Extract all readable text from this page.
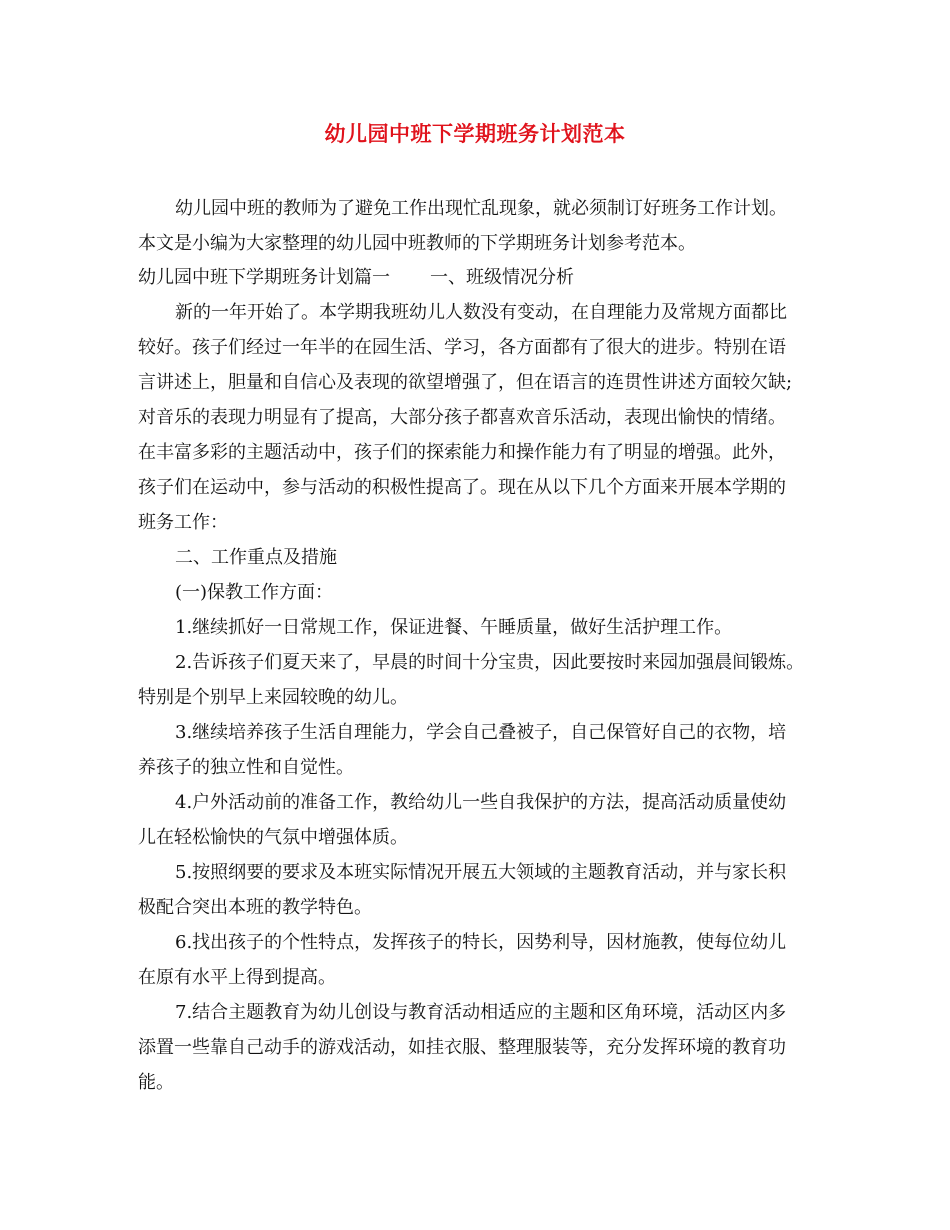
幼儿园中班下学期班务计划范本
幼儿园中班的教师为了避免工作出现忙乱现象，就必须制订好班务工作计划。
本文是小编为大家整理的幼儿园中班教师的下学期班务计划参考范本。
幼儿园中班下学期班务计划篇一 一、班级情况分析
新的一年开始了。本学期我班幼儿人数没有变动，在自理能力及常规方面都比
较好。孩子们经过一年半的在园生活、学习，各方面都有了很大的进步。特别在语
言讲述上，胆量和自信心及表现的欲望增强了，但在语言的连贯性讲述方面较欠缺;
对音乐的表现力明显有了提高，大部分孩子都喜欢音乐活动，表现出愉快的情绪。
在丰富多彩的主题活动中，孩子们的探索能力和操作能力有了明显的增强。此外，
孩子们在运动中，参与活动的积极性提高了。现在从以下几个方面来开展本学期的
班务工作：
二、工作重点及措施
(一)保教工作方面：
1.继续抓好一日常规工作，保证进餐、午睡质量，做好生活护理工作。
2.告诉孩子们夏天来了，早晨的时间十分宝贵，因此要按时来园加强晨间锻炼。
特别是个别早上来园较晚的幼儿。
3.继续培养孩子生活自理能力，学会自己叠被子，自己保管好自己的衣物，培
养孩子的独立性和自觉性。
4.户外活动前的准备工作，教给幼儿一些自我保护的方法，提高活动质量使幼
儿在轻松愉快的气氛中增强体质。
5.按照纲要的要求及本班实际情况开展五大领域的主题教育活动，并与家长积
极配合突出本班的教学特色。
6.找出孩子的个性特点，发挥孩子的特长，因势利导，因材施教，使每位幼儿
在原有水平上得到提高。
7.结合主题教育为幼儿创设与教育活动相适应的主题和区角环境，活动区内多
添置一些靠自己动手的游戏活动，如挂衣服、整理服装等，充分发挥环境的教育功
能。
